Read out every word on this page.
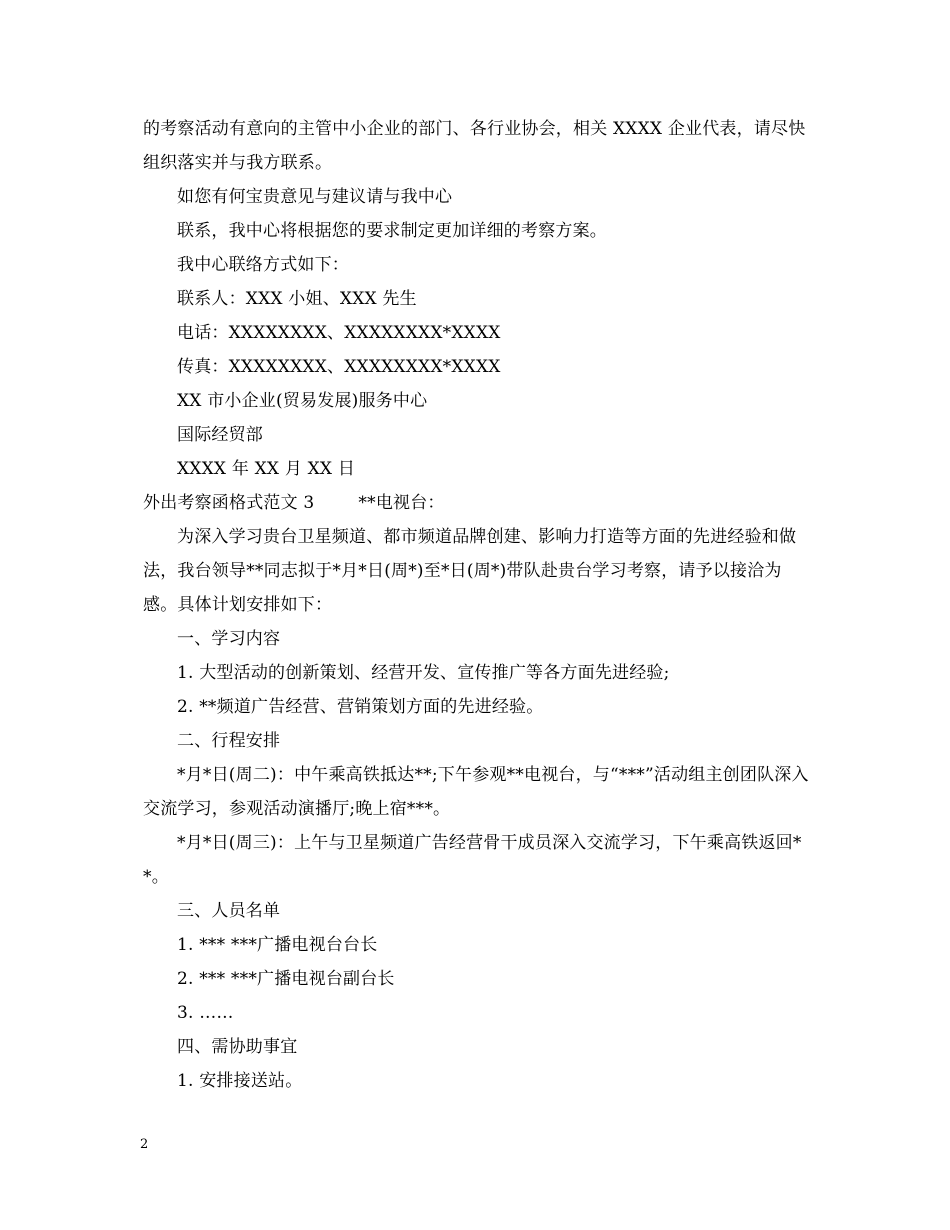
的考察活动有意向的主管中小企业的部门、各行业协会，相关 XXXX 企业代表，请尽快组织落实并与我方联系。

如您有何宝贵意见与建议请与我中心

联系，我中心将根据您的要求制定更加详细的考察方案。

我中心联络方式如下：

联系人：XXX 小姐、XXX 先生

电话：XXXXXXXX、XXXXXXXX*XXXX

传真：XXXXXXXX、XXXXXXXX*XXXX

XX 市小企业(贸易发展)服务中心

国际经贸部

XXXX 年 XX 月 XX 日

外出考察函格式范文 3	**电视台：

为深入学习贵台卫星频道、都市频道品牌创建、影响力打造等方面的先进经验和做法，我台领导**同志拟于*月*日(周*)至*日(周*)带队赴贵台学习考察，请予以接洽为感。具体计划安排如下：

一、学习内容

1. 大型活动的创新策划、经营开发、宣传推广等各方面先进经验;

2. **频道广告经营、营销策划方面的先进经验。

二、行程安排

*月*日(周二)：中午乘高铁抵达**;下午参观**电视台，与“***”活动组主创团队深入交流学习，参观活动演播厅;晚上宿***。

*月*日(周三)：上午与卫星频道广告经营骨干成员深入交流学习，下午乘高铁返回**。

三、人员名单

1. *** ***广播电视台台长

2. *** ***广播电视台副台长

3. ……

四、需协助事宜

1. 安排接送站。

2
